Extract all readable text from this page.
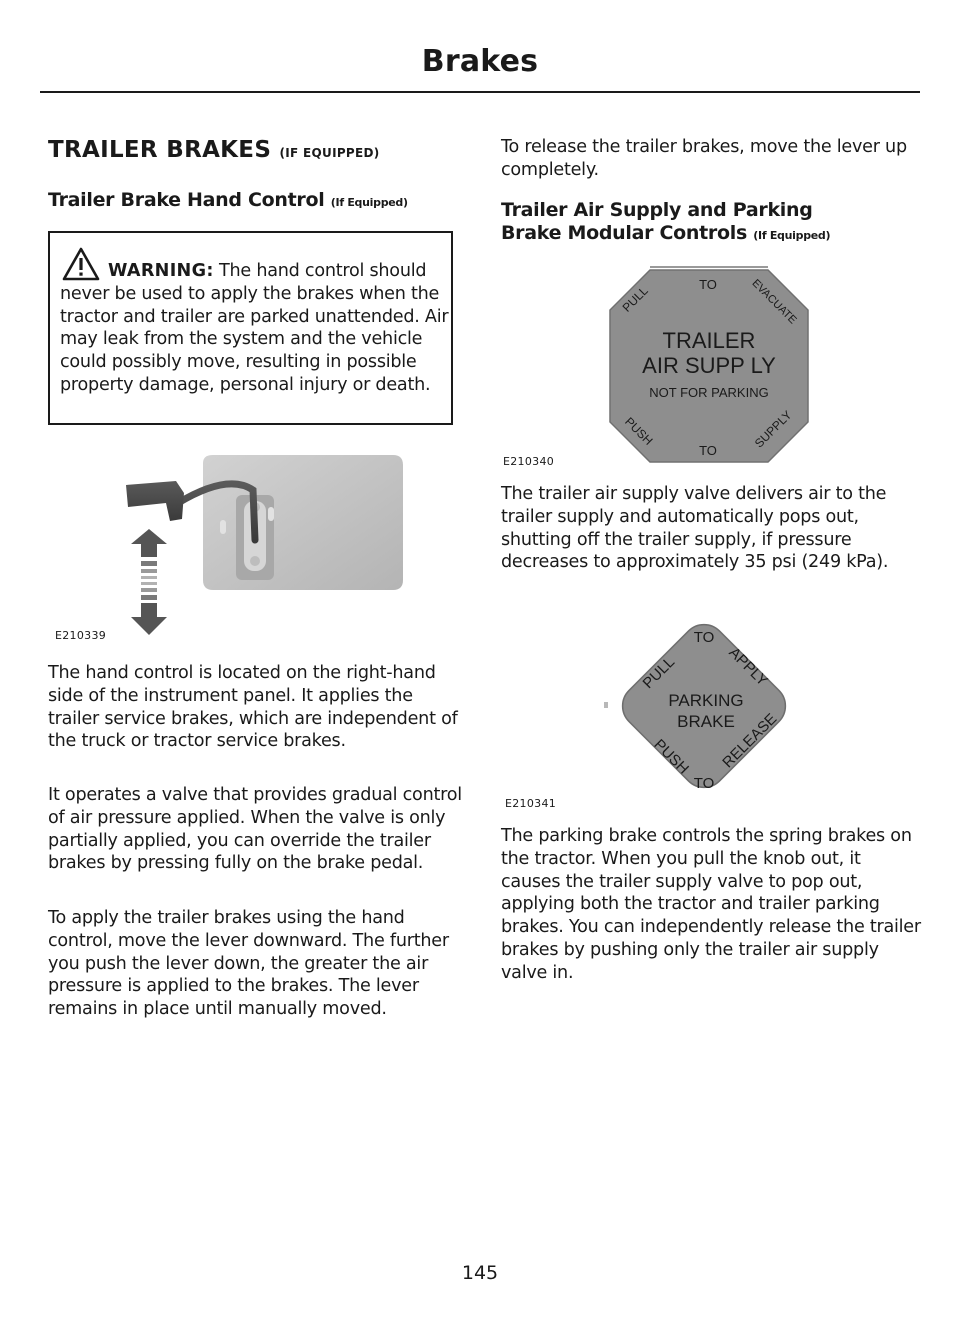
Brakes
TRAILER BRAKES (IF EQUIPPED)
Trailer Brake Hand Control (If Equipped)

WARNING: The hand control should never be used to apply the brakes when the tractor and trailer are parked unattended. Air may leak from the system and the vehicle could possibly move, resulting in possible property damage, personal injury or death.

E210339

The hand control is located on the right-hand side of the instrument panel. It applies the trailer service brakes, which are independent of the truck or tractor service brakes.

It operates a valve that provides gradual control of air pressure applied. When the valve is only partially applied, you can override the trailer brakes by pressing fully on the brake pedal.

To apply the trailer brakes using the hand control, move the lever downward. The further you push the lever down, the greater the air pressure is applied to the brakes. The lever remains in place until manually moved.

To release the trailer brakes, move the lever up completely.

Trailer Air Supply and Parking
Brake Modular Controls (If Equipped)
TO
PULL	EVACUATE
TRAILER
AIR SUPP LY
NOT FOR PARKING
PUSH
TO	SUPPLY
E210340

The trailer air supply valve delivers air to the trailer supply and automatically pops out, shutting off the trailer supply, if pressure decreases to approximately 35 psi (249 kPa).

PULL
TO
APPLY
PARKING
BRAKE
PUSH
TO
RELEASE
E210341

The parking brake controls the spring brakes on the tractor. When you pull the knob out, it causes the trailer supply valve to pop out, applying both the tractor and trailer parking brakes. You can independently release the trailer brakes by pushing only the trailer air supply valve in.

145
